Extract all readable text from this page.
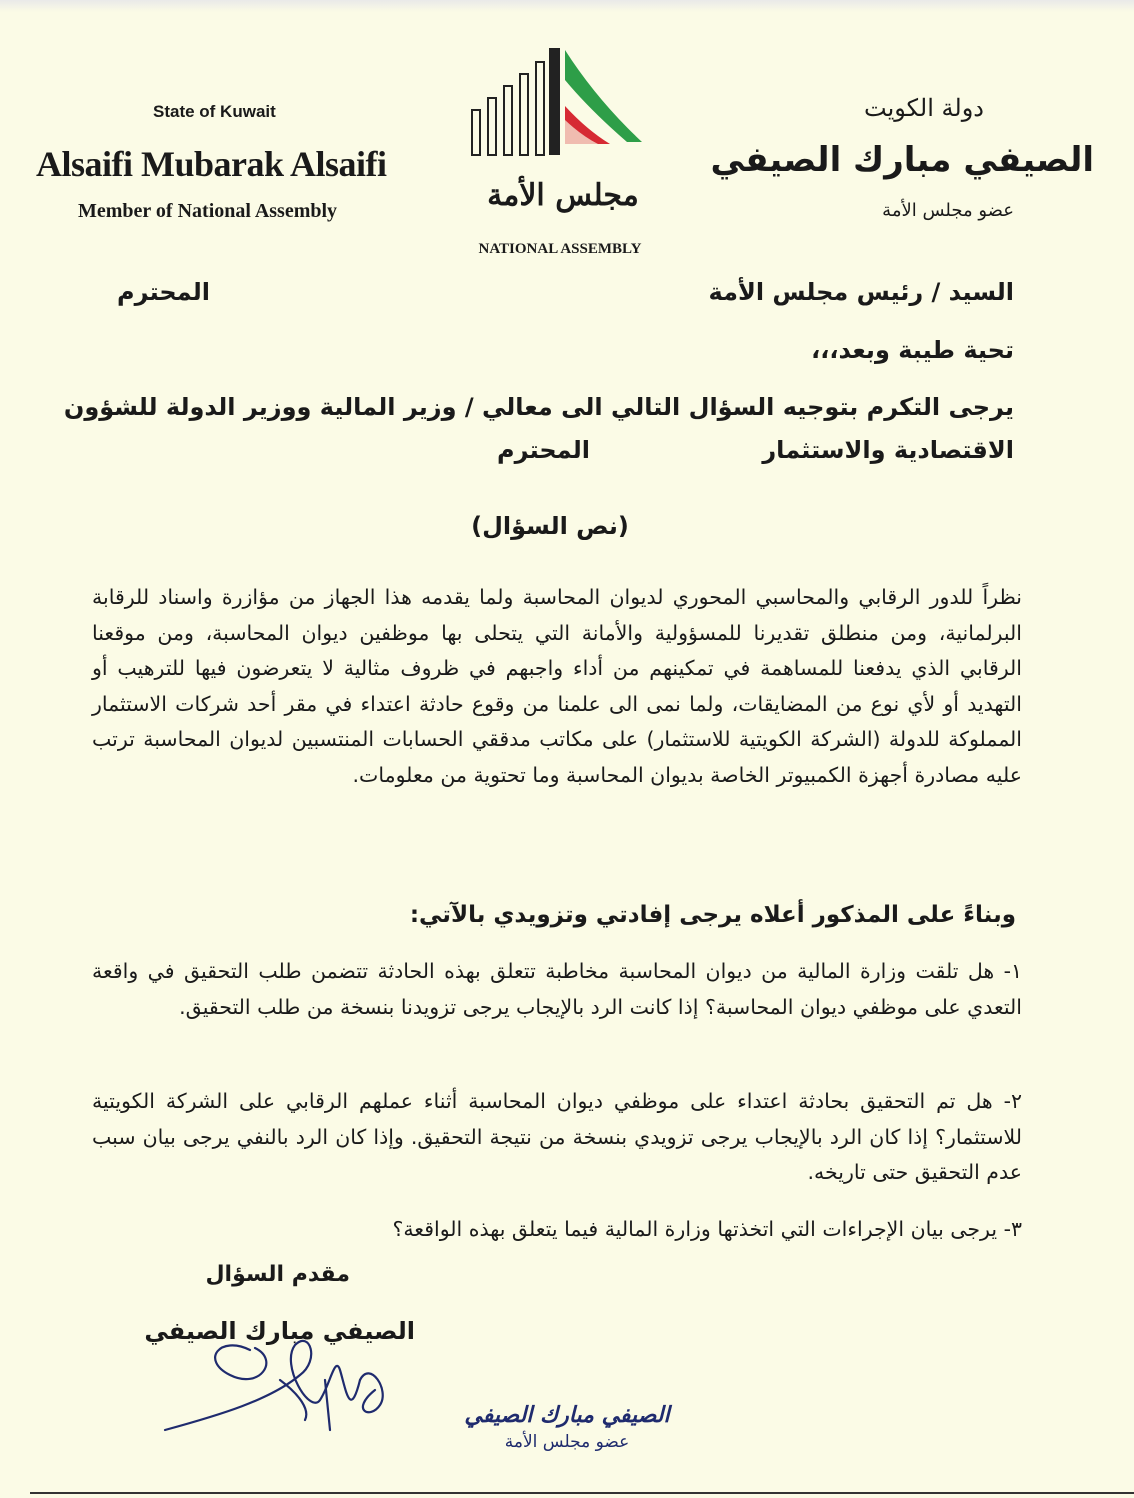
State of Kuwait
Alsaifi Mubarak Alsaifi
Member of National Assembly	مجلس الأمة
NATIONAL ASSEMBLY
دولة الكويت
الصيفي مبارك الصيفي
عضو مجلس الأمة
السيد / رئيس مجلس الأمة
المحترم
تحية طيبة وبعد،،،
يرجى التكرم بتوجيه السؤال التالي الى معالي / وزير المالية ووزير الدولة للشؤون
الاقتصادية والاستثمار
المحترم
(نص السؤال)
نظراً للدور الرقابي والمحاسبي المحوري لديوان المحاسبة ولما يقدمه هذا الجهاز من مؤازرة واسناد للرقابة البرلمانية، ومن منطلق تقديرنا للمسؤولية والأمانة التي يتحلى بها موظفين ديوان المحاسبة، ومن موقعنا الرقابي الذي يدفعنا للمساهمة في تمكينهم من أداء واجبهم في ظروف مثالية لا يتعرضون فيها للترهيب أو التهديد أو لأي نوع من المضايقات، ولما نمى الى علمنا من وقوع حادثة اعتداء في مقر أحد شركات الاستثمار المملوكة للدولة (الشركة الكويتية للاستثمار) على مكاتب مدققي الحسابات المنتسبين لديوان المحاسبة ترتب عليه مصادرة أجهزة الكمبيوتر الخاصة بديوان المحاسبة وما تحتوية من معلومات.
وبناءً على المذكور أعلاه يرجى إفادتي وتزويدي بالآتي:
١- هل تلقت وزارة المالية من ديوان المحاسبة مخاطبة تتعلق بهذه الحادثة تتضمن طلب التحقيق في واقعة التعدي على موظفي ديوان المحاسبة؟ إذا كانت الرد بالإيجاب يرجى تزويدنا بنسخة من طلب التحقيق.
٢- هل تم التحقيق بحادثة اعتداء على موظفي ديوان المحاسبة أثناء عملهم الرقابي على الشركة الكويتية للاستثمار؟ إذا كان الرد بالإيجاب يرجى تزويدي بنسخة من نتيجة التحقيق. وإذا كان الرد بالنفي يرجى بيان سبب عدم التحقيق حتى تاريخه.
٣- يرجى بيان الإجراءات التي اتخذتها وزارة المالية فيما يتعلق بهذه الواقعة؟
مقدم السؤال
الصيفي مبارك الصيفي
الصيفي مبارك الصيفي
عضو مجلس الأمة
